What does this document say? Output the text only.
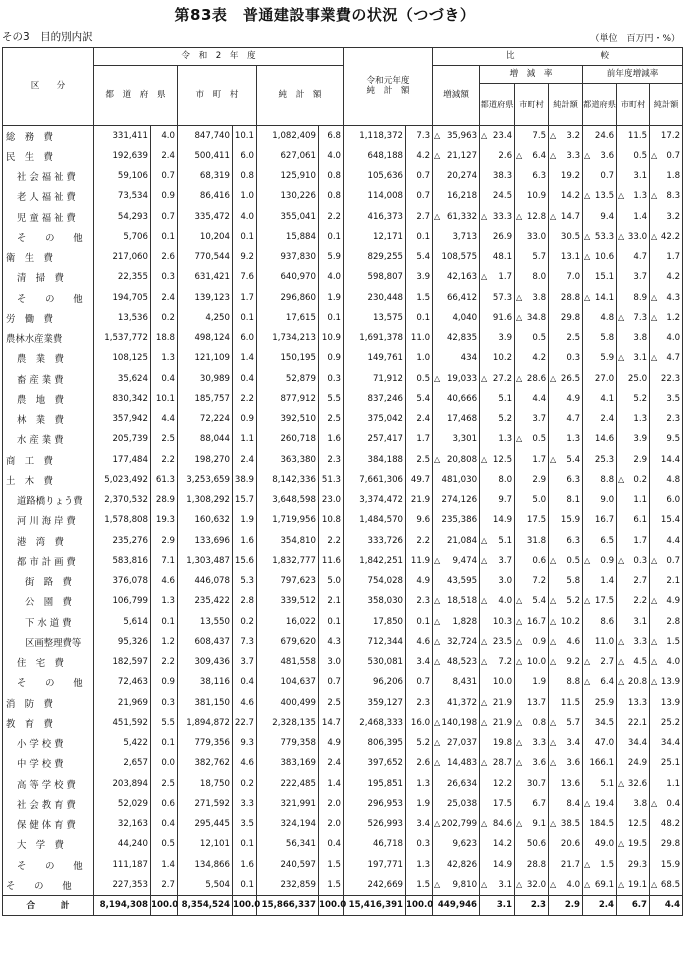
第83表　普通建設事業費の状況（つづき）
その3　目的別内訳	（単位　百万円・%）
区　　分	令　和　2　年　度						令和元年度
純　計　額		比　　　　　　　　　　較						
	都　道　府　県		市　町　村		純　計　額				増減額	増　減　率			前年度増減率		
										都道府県	市町村	純計額	都道府県	市町村	純計額
総　務　費	331,411	4.0	847,740	10.1	1,082,409	6.8	1,118,372	7.3	△ 35,963	△ 23.4	7.5	△ 3.2	24.6	11.5	17.2
民　生　費	192,639	2.4	500,411	6.0	627,061	4.0	648,188	4.2	△ 21,127	2.6	△ 6.4	△ 3.3	△ 3.6	0.5	△ 0.7
社 会 福 祉 費	59,106	0.7	68,319	0.8	125,910	0.8	105,636	0.7	20,274	38.3	6.3	19.2	0.7	3.1	1.8
老 人 福 祉 費	73,534	0.9	86,416	1.0	130,226	0.8	114,008	0.7	16,218	24.5	10.9	14.2	△ 13.5	△ 1.3	△ 8.3
児 童 福 祉 費	54,293	0.7	335,472	4.0	355,041	2.2	416,373	2.7	△ 61,332	△ 33.3	△ 12.8	△ 14.7	9.4	1.4	3.2
そ　　の　　他	5,706	0.1	10,204	0.1	15,884	0.1	12,171	0.1	3,713	26.9	33.0	30.5	△ 53.3	△ 33.0	△ 42.2
衛　生　費	217,060	2.6	770,544	9.2	937,830	5.9	829,255	5.4	108,575	48.1	5.7	13.1	△ 10.6	4.7	1.7
清　掃　費	22,355	0.3	631,421	7.6	640,970	4.0	598,807	3.9	42,163	△ 1.7	8.0	7.0	15.1	3.7	4.2
そ　　の　　他	194,705	2.4	139,123	1.7	296,860	1.9	230,448	1.5	66,412	57.3	△ 3.8	28.8	△ 14.1	8.9	△ 4.3
労　働　費	13,536	0.2	4,250	0.1	17,615	0.1	13,575	0.1	4,040	91.6	△ 34.8	29.8	4.8	△ 7.3	△ 1.2
農林水産業費	1,537,772	18.8	498,124	6.0	1,734,213	10.9	1,691,378	11.0	42,835	3.9	0.5	2.5	5.8	3.8	4.0
農　業　費	108,125	1.3	121,109	1.4	150,195	0.9	149,761	1.0	434	10.2	4.2	0.3	5.9	△ 3.1	△ 4.7
畜 産 業 費	35,624	0.4	30,989	0.4	52,879	0.3	71,912	0.5	△ 19,033	△ 27.2	△ 28.6	△ 26.5	27.0	25.0	22.3
農　地　費	830,342	10.1	185,757	2.2	877,912	5.5	837,246	5.4	40,666	5.1	4.4	4.9	4.1	5.2	3.5
林　業　費	357,942	4.4	72,224	0.9	392,510	2.5	375,042	2.4	17,468	5.2	3.7	4.7	2.4	1.3	2.3
水 産 業 費	205,739	2.5	88,044	1.1	260,718	1.6	257,417	1.7	3,301	1.3	△ 0.5	1.3	14.6	3.9	9.5
商　工　費	177,484	2.2	198,270	2.4	363,380	2.3	384,188	2.5	△ 20,808	△ 12.5	1.7	△ 5.4	25.3	2.9	14.4
土　木　費	5,023,492	61.3	3,253,659	38.9	8,142,336	51.3	7,661,306	49.7	481,030	8.0	2.9	6.3	8.8	△ 0.2	4.8
道路橋りょう費	2,370,532	28.9	1,308,292	15.7	3,648,598	23.0	3,374,472	21.9	274,126	9.7	5.0	8.1	9.0	1.1	6.0
河 川 海 岸 費	1,578,808	19.3	160,632	1.9	1,719,956	10.8	1,484,570	9.6	235,386	14.9	17.5	15.9	16.7	6.1	15.4
港　湾　費	235,276	2.9	133,696	1.6	354,810	2.2	333,726	2.2	21,084	△ 5.1	31.8	6.3	6.5	1.7	4.4
都 市 計 画 費	583,816	7.1	1,303,487	15.6	1,832,777	11.6	1,842,251	11.9	△ 9,474	△ 3.7	0.6	△ 0.5	△ 0.9	△ 0.3	△ 0.7
街　路　費	376,078	4.6	446,078	5.3	797,623	5.0	754,028	4.9	43,595	3.0	7.2	5.8	1.4	2.7	2.1
公　園　費	106,799	1.3	235,422	2.8	339,512	2.1	358,030	2.3	△ 18,518	△ 4.0	△ 5.4	△ 5.2	△ 17.5	2.2	△ 4.9
下 水 道 費	5,614	0.1	13,550	0.2	16,022	0.1	17,850	0.1	△ 1,828	10.3	△ 16.7	△ 10.2	8.6	3.1	2.8
区画整理費等	95,326	1.2	608,437	7.3	679,620	4.3	712,344	4.6	△ 32,724	△ 23.5	△ 0.9	△ 4.6	11.0	△ 3.3	△ 1.5
住　宅　費	182,597	2.2	309,436	3.7	481,558	3.0	530,081	3.4	△ 48,523	△ 7.2	△ 10.0	△ 9.2	△ 2.7	△ 4.5	△ 4.0
そ　　の　　他	72,463	0.9	38,116	0.4	104,637	0.7	96,206	0.7	8,431	10.0	1.9	8.8	△ 6.4	△ 20.8	△ 13.9
消　防　費	21,969	0.3	381,150	4.6	400,499	2.5	359,127	2.3	41,372	△ 21.9	13.7	11.5	25.9	13.3	13.9
教　育　費	451,592	5.5	1,894,872	22.7	2,328,135	14.7	2,468,333	16.0	△ 140,198	△ 21.9	△ 0.8	△ 5.7	34.5	22.1	25.2
小 学 校 費	5,422	0.1	779,356	9.3	779,358	4.9	806,395	5.2	△ 27,037	19.8	△ 3.3	△ 3.4	47.0	34.4	34.4
中 学 校 費	2,657	0.0	382,762	4.6	383,169	2.4	397,652	2.6	△ 14,483	△ 28.7	△ 3.6	△ 3.6	166.1	24.9	25.1
高 等 学 校 費	203,894	2.5	18,750	0.2	222,485	1.4	195,851	1.3	26,634	12.2	30.7	13.6	5.1	△ 32.6	1.1
社 会 教 育 費	52,029	0.6	271,592	3.3	321,991	2.0	296,953	1.9	25,038	17.5	6.7	8.4	△ 19.4	3.8	△ 0.4
保 健 体 育 費	32,163	0.4	295,445	3.5	324,194	2.0	526,993	3.4	△ 202,799	△ 84.6	△ 9.1	△ 38.5	184.5	12.5	48.2
大　学　費	44,240	0.5	12,101	0.1	56,341	0.4	46,718	0.3	9,623	14.2	50.6	20.6	49.0	△ 19.5	29.8
そ　　の　　他	111,187	1.4	134,866	1.6	240,597	1.5	197,771	1.3	42,826	14.9	28.8	21.7	△ 1.5	29.3	15.9
そ　　の　　他	227,353	2.7	5,504	0.1	232,859	1.5	242,669	1.5	△ 9,810	△ 3.1	△ 32.0	△ 4.0	△ 69.1	△ 19.1	△ 68.5
合　　　計	8,194,308	100.0	8,354,524	100.0	15,866,337	100.0	15,416,391	100.0	449,946	3.1	2.3	2.9	2.4	6.7	4.4
